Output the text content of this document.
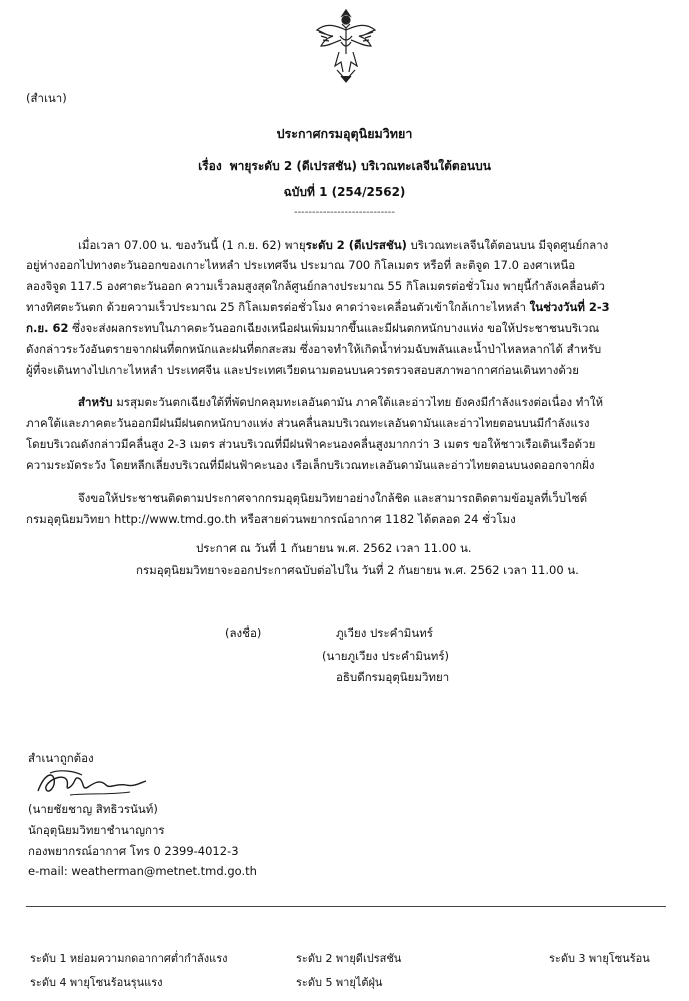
(สำเนา)
ประกาศกรมอุตุนิยมวิทยา
เรื่อง พายุระดับ 2 (ดีเปรสชัน) บริเวณทะเลจีนใต้ตอนบน
ฉบับที่ 1 (254/2562)
----------------------------
เมื่อเวลา 07.00 น. ของวันนี้ (1 ก.ย. 62) พายุระดับ 2 (ดีเปรสชัน) บริเวณทะเลจีนใต้ตอนบน มีจุดศูนย์กลาง
อยู่ห่างออกไปทางตะวันออกของเกาะไหหลำ ประเทศจีน ประมาณ 700 กิโลเมตร หรือที่ ละติจูด 17.0 องศาเหนือ
ลองจิจูด 117.5 องศาตะวันออก ความเร็วลมสูงสุดใกล้ศูนย์กลางประมาณ 55 กิโลเมตรต่อชั่วโมง พายุนี้กำลังเคลื่อนตัว
ทางทิศตะวันตก ด้วยความเร็วประมาณ 25 กิโลเมตรต่อชั่วโมง คาดว่าจะเคลื่อนตัวเข้าใกล้เกาะไหหลำ ในช่วงวันที่ 2-3
ก.ย. 62 ซึ่งจะส่งผลกระทบในภาคตะวันออกเฉียงเหนือฝนเพิ่มมากขึ้นและมีฝนตกหนักบางแห่ง ขอให้ประชาชนบริเวณ
ดังกล่าวระวังอันตรายจากฝนที่ตกหนักและฝนที่ตกสะสม ซึ่งอาจทำให้เกิดน้ำท่วมฉับพลันและน้ำป่าไหลหลากได้ สำหรับ
ผู้ที่จะเดินทางไปเกาะไหหลำ ประเทศจีน และประเทศเวียดนามตอนบนควรตรวจสอบสภาพอากาศก่อนเดินทางด้วย
สำหรับ มรสุมตะวันตกเฉียงใต้ที่พัดปกคลุมทะเลอันดามัน ภาคใต้และอ่าวไทย ยังคงมีกำลังแรงต่อเนื่อง ทำให้
ภาคใต้และภาคตะวันออกมีฝนมีฝนตกหนักบางแห่ง ส่วนคลื่นลมบริเวณทะเลอันดามันและอ่าวไทยตอนบนมีกำลังแรง
โดยบริเวณดังกล่าวมีคลื่นสูง 2-3 เมตร ส่วนบริเวณที่มีฝนฟ้าคะนองคลื่นสูงมากกว่า 3 เมตร ขอให้ชาวเรือเดินเรือด้วย
ความระมัดระวัง โดยหลีกเลี่ยงบริเวณที่มีฝนฟ้าคะนอง เรือเล็กบริเวณทะเลอันดามันและอ่าวไทยตอนบนงดออกจากฝั่ง
จึงขอให้ประชาชนติดตามประกาศจากกรมอุตุนิยมวิทยาอย่างใกล้ชิด และสามารถติดตามข้อมูลที่เว็บไซต์
กรมอุตุนิยมวิทยา http://www.tmd.go.th หรือสายด่วนพยากรณ์อากาศ 1182 ได้ตลอด 24 ชั่วโมง
ประกาศ ณ วันที่ 1 กันยายน พ.ศ. 2562 เวลา 11.00 น.
กรมอุตุนิยมวิทยาจะออกประกาศฉบับต่อไปใน วันที่ 2 กันยายน พ.ศ. 2562 เวลา 11.00 น.
(ลงชื่อ)	ภูเวียง ประคำมินทร์
(นายภูเวียง ประคำมินทร์)
อธิบดีกรมอุตุนิยมวิทยา
สำเนาถูกต้อง
(นายชัยชาญ สิทธิวรนันท์)
นักอุตุนิยมวิทยาชำนาญการ
กองพยากรณ์อากาศ โทร 0 2399-4012-3
e-mail: weatherman@metnet.tmd.go.th
ระดับ 1 หย่อมความกดอากาศต่ำกำลังแรง	ระดับ 2 พายุดีเปรสชัน	ระดับ 3 พายุโซนร้อน
ระดับ 4 พายุโซนร้อนรุนแรง	ระดับ 5 พายุไต้ฝุ่น
